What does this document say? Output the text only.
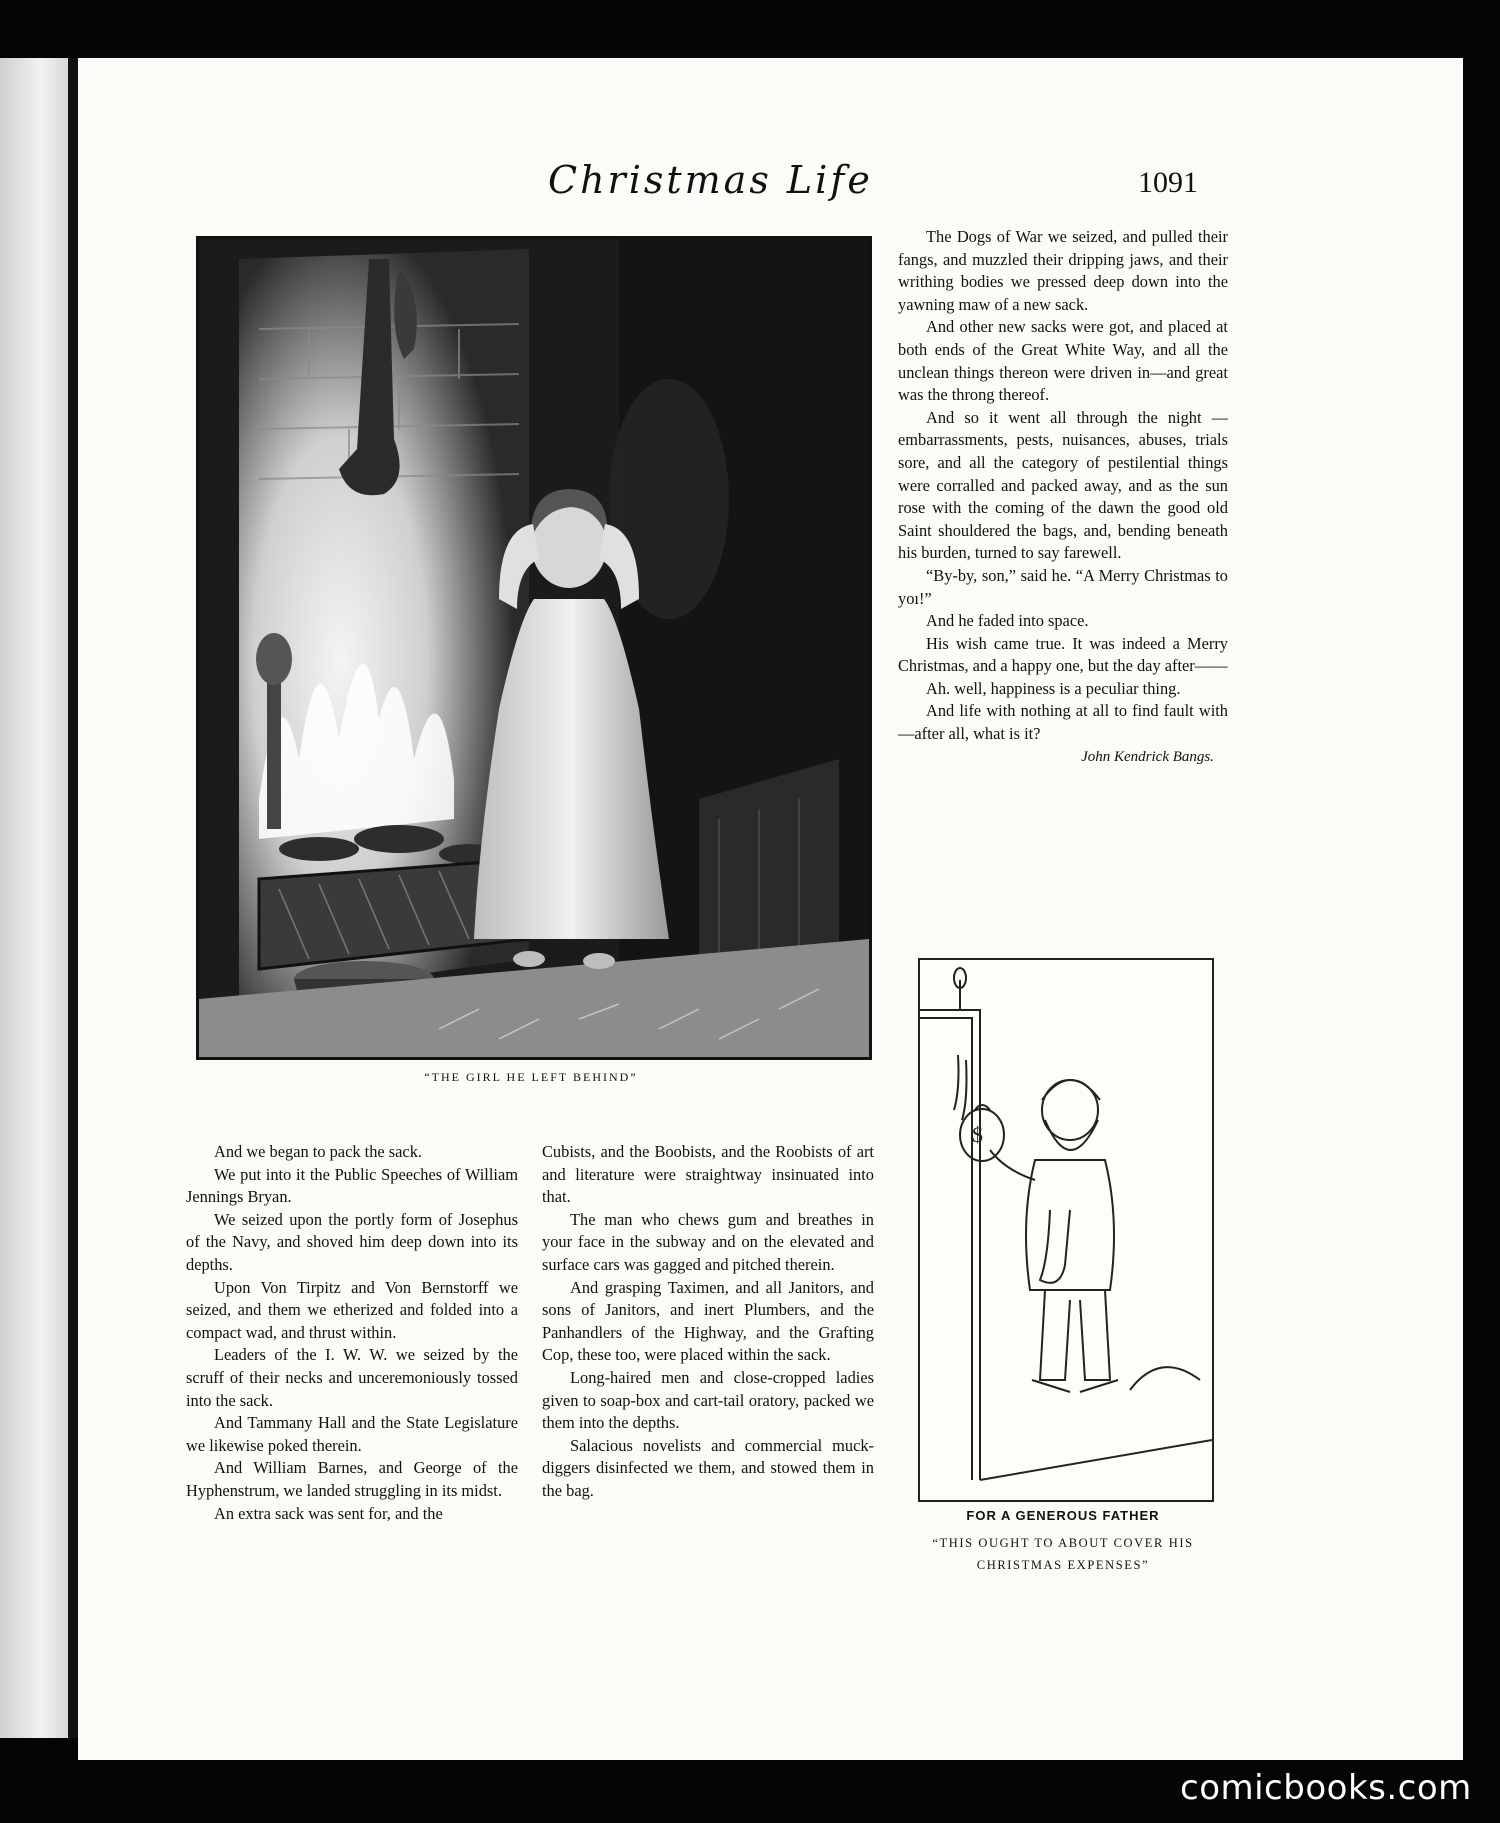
Christmas Life	1091
“THE GIRL HE LEFT BEHIND”

The Dogs of War we seized, and pulled their fangs, and muzzled their dripping jaws, and their writhing bodies we pressed deep down into the yawning maw of a new sack.

And other new sacks were got, and placed at both ends of the Great White Way, and all the unclean things thereon were driven in—and great was the throng thereof.

And so it went all through the night — embarrassments, pests, nuisances, abuses, trials sore, and all the category of pestilential things were corralled and packed away, and as the sun rose with the coming of the dawn the good old Saint shouldered the bags, and, bending beneath his burden, turned to say farewell.

“By-by, son,” said he. “A Merry Christmas to yoı!”

And he faded into space.

His wish came true. It was indeed a Merry Christmas, and a happy one, but the day after——

Ah. well, happiness is a peculiar thing.

And life with nothing at all to find fault with—after all, what is it?

John Kendrick Bangs.

And we began to pack the sack.

We put into it the Public Speeches of William Jennings Bryan.

We seized upon the portly form of Josephus of the Navy, and shoved him deep down into its depths.

Upon Von Tirpitz and Von Bernstorff we seized, and them we etherized and folded into a compact wad, and thrust within.

Leaders of the I. W. W. we seized by the scruff of their necks and unceremoniously tossed into the sack.

And Tammany Hall and the State Legislature we likewise poked therein.

And William Barnes, and George of the Hyphenstrum, we landed struggling in its midst.

An extra sack was sent for, and the

Cubists, and the Boobists, and the Roobists of art and literature were straightway insinuated into that.

The man who chews gum and breathes in your face in the subway and on the elevated and surface cars was gagged and pitched therein.

And grasping Taximen, and all Janitors, and sons of Janitors, and inert Plumbers, and the Panhandlers of the Highway, and the Grafting Cop, these too, were placed within the sack.

Long-haired men and close-cropped ladies given to soap-box and cart-tail oratory, packed we them into the depths.

Salacious novelists and commercial muck-diggers disinfected we them, and stowed them in the bag.

$
FOR A GENEROUS FATHER
“THIS OUGHT TO ABOUT COVER HIS
CHRISTMAS EXPENSES”
comicbooks.com
